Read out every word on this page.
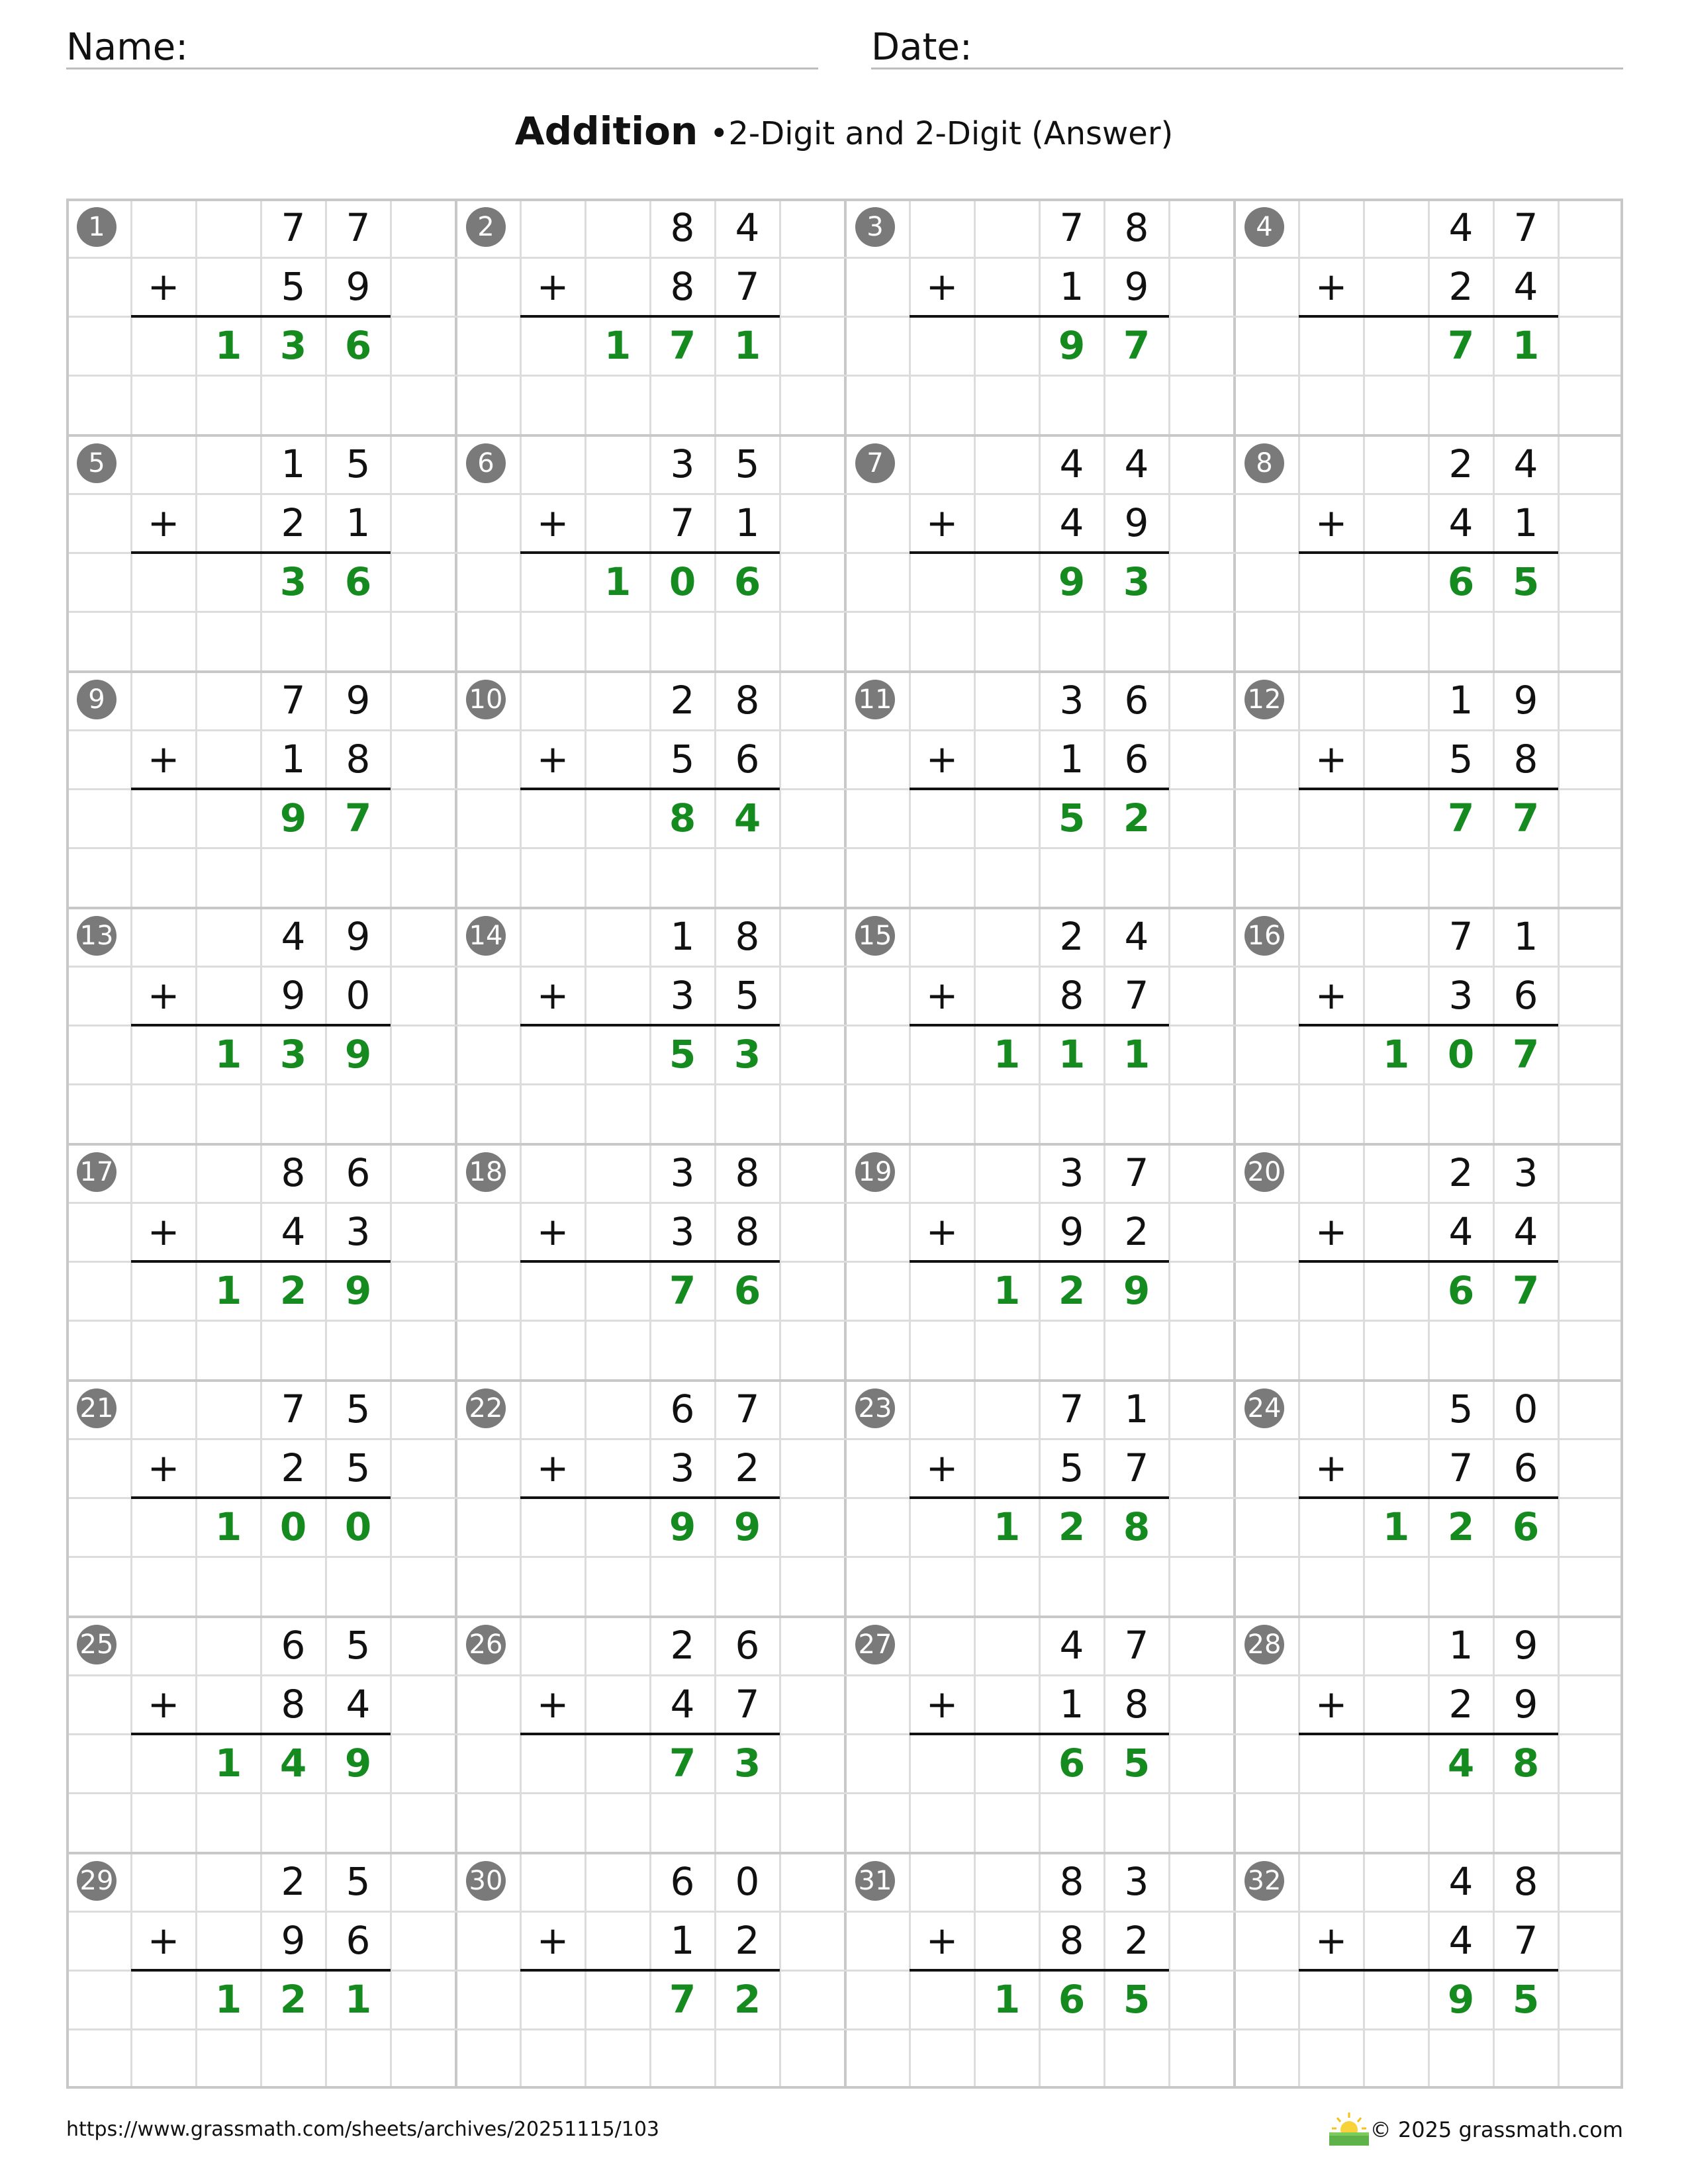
Name:	Date:
Addition •2-Digit and 2-Digit (Answer)
1	7	7
+	5	9
1 3 6
2	8	4
+	8	7
1 7 1
3	7	8
+	1	9
9 7
4	4	7
+	2	4
7 1
5	1	5
+	2	1
3 6
6	3	5
+	7	1
1 0 6
7	4	4
+	4	9
9 3
8	2	4
+	4	1
6 5
9	7	9
+	1	8
9 7
10	2	8
+	5	6
8 4
11	3	6
+	1	6
5 2
12	1	9
+	5	8
7 7
13	4	9
+	9	0
1 3 9
14	1	8
+	3	5
5 3
15	2	4
+	8	7
1 1 1
16	7	1
+	3	6
1 0 7
17	8	6
+	4	3
1 2 9
18	3	8
+	3	8
7 6
19	3	7
+	9	2
1 2 9
20	2	3
+	4	4
6 7
21	7	5
+	2	5
1 0 0
22	6	7
+	3	2
9 9
23	7	1
+	5	7
1 2 8
24	5	0
+	7	6
1 2 6
25	6	5
+	8	4
1 4 9
26	2	6
+	4	7
7 3
27	4	7
+	1	8
6 5
28	1	9
+	2	9
4 8
29	2	5
+	9	6
1 2 1
30	6	0
+	1	2
7 2
31	8	3
+	8	2
1 6 5
32	4	8
+	4	7
9 5
https://www.grassmath.com/sheets/archives/20251115/103	© 2025 grassmath.com
